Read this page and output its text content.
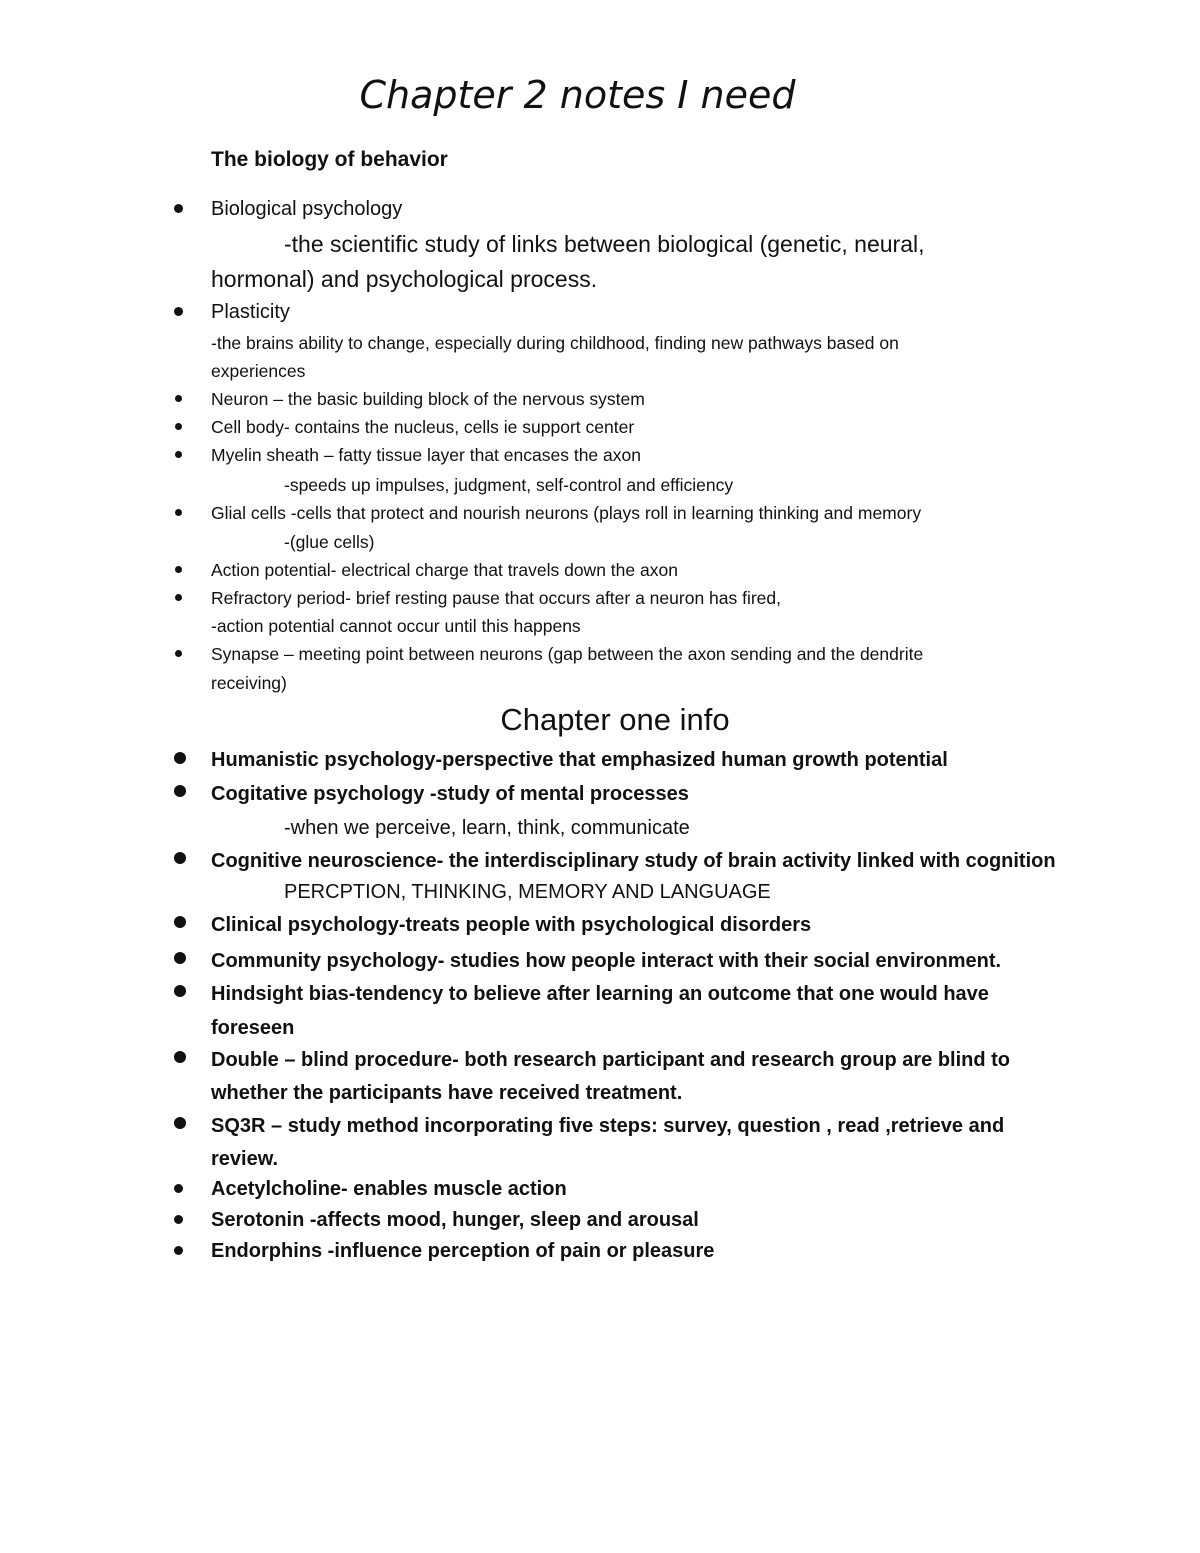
Chapter 2 notes I need
The biology of behavior
Biological psychology
-the scientific study of links between biological (genetic, neural,
hormonal) and psychological process.
Plasticity
-the brains ability to change, especially during childhood, finding new pathways based on
experiences
Neuron – the basic building block of the nervous system
Cell body- contains the nucleus, cells ie support center
Myelin sheath – fatty tissue layer that encases the axon
-speeds up impulses, judgment, self-control and efficiency
Glial cells -cells that protect and nourish neurons (plays roll in learning thinking and memory
-(glue cells)
Action potential- electrical charge that travels down the axon
Refractory period- brief resting pause that occurs after a neuron has fired,
-action potential cannot occur until this happens
Synapse – meeting point between neurons (gap between the axon sending and the dendrite
receiving)
Chapter one info
Humanistic psychology-perspective that emphasized human growth potential
Cogitative psychology -study of mental processes
-when we perceive, learn, think, communicate
Cognitive neuroscience- the interdisciplinary study of brain activity linked with cognition
PERCPTION, THINKING, MEMORY AND LANGUAGE
Clinical psychology-treats people with psychological disorders
Community psychology- studies how people interact with their social environment.
Hindsight bias-tendency to believe after learning an outcome that one would have
foreseen
Double – blind procedure- both research participant and research group are blind to
whether the participants have received treatment.
SQ3R – study method incorporating five steps: survey, question , read ,retrieve and
review.
Acetylcholine- enables muscle action
Serotonin -affects mood, hunger, sleep and arousal
Endorphins -influence perception of pain or pleasure
